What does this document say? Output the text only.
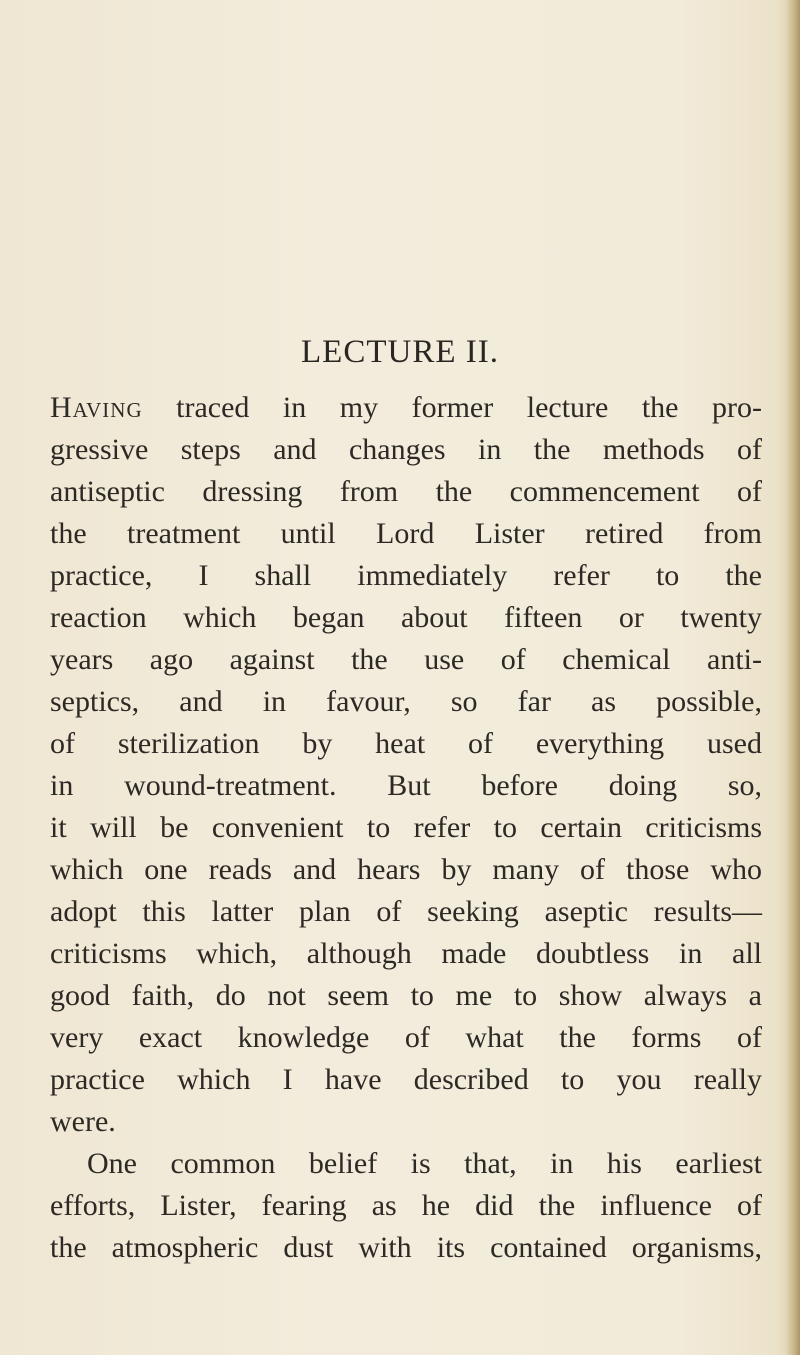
LECTURE II.
Having traced in my former lecture the pro-
gressive steps and changes in the methods of
antiseptic dressing from the commencement of
the treatment until Lord Lister retired from
practice, I shall immediately refer to the
reaction which began about fifteen or twenty
years ago against the use of chemical anti-
septics, and in favour, so far as possible,
of sterilization by heat of everything used
in wound-treatment. But before doing so,
it will be convenient to refer to certain criticisms
which one reads and hears by many of those who
adopt this latter plan of seeking aseptic results—
criticisms which, although made doubtless in all
good faith, do not seem to me to show always a
very exact knowledge of what the forms of
practice which I have described to you really
were.
One common belief is that, in his earliest
efforts, Lister, fearing as he did the influence of
the atmospheric dust with its contained organisms,
